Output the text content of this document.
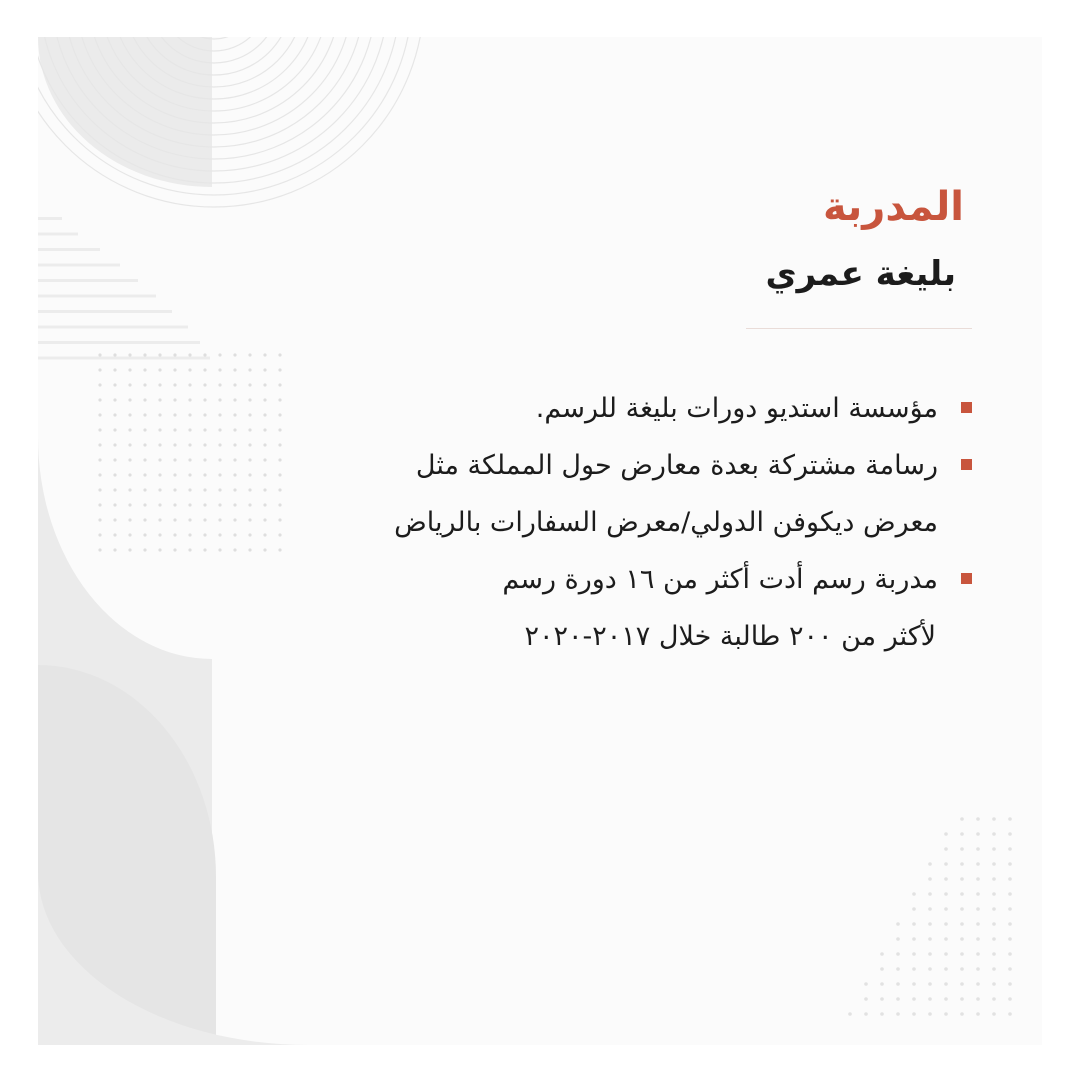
المدربة
بليغة عمري
مؤسسة استديو دورات بليغة للرسم.
رسامة مشتركة بعدة معارض حول المملكة مثل
معرض ديكوفن الدولي/معرض السفارات بالرياض
مدربة رسم أدت أكثر من ١٦ دورة رسم
لأكثر من ٢٠٠ طالبة خلال ٢٠١٧-٢٠٢٠
